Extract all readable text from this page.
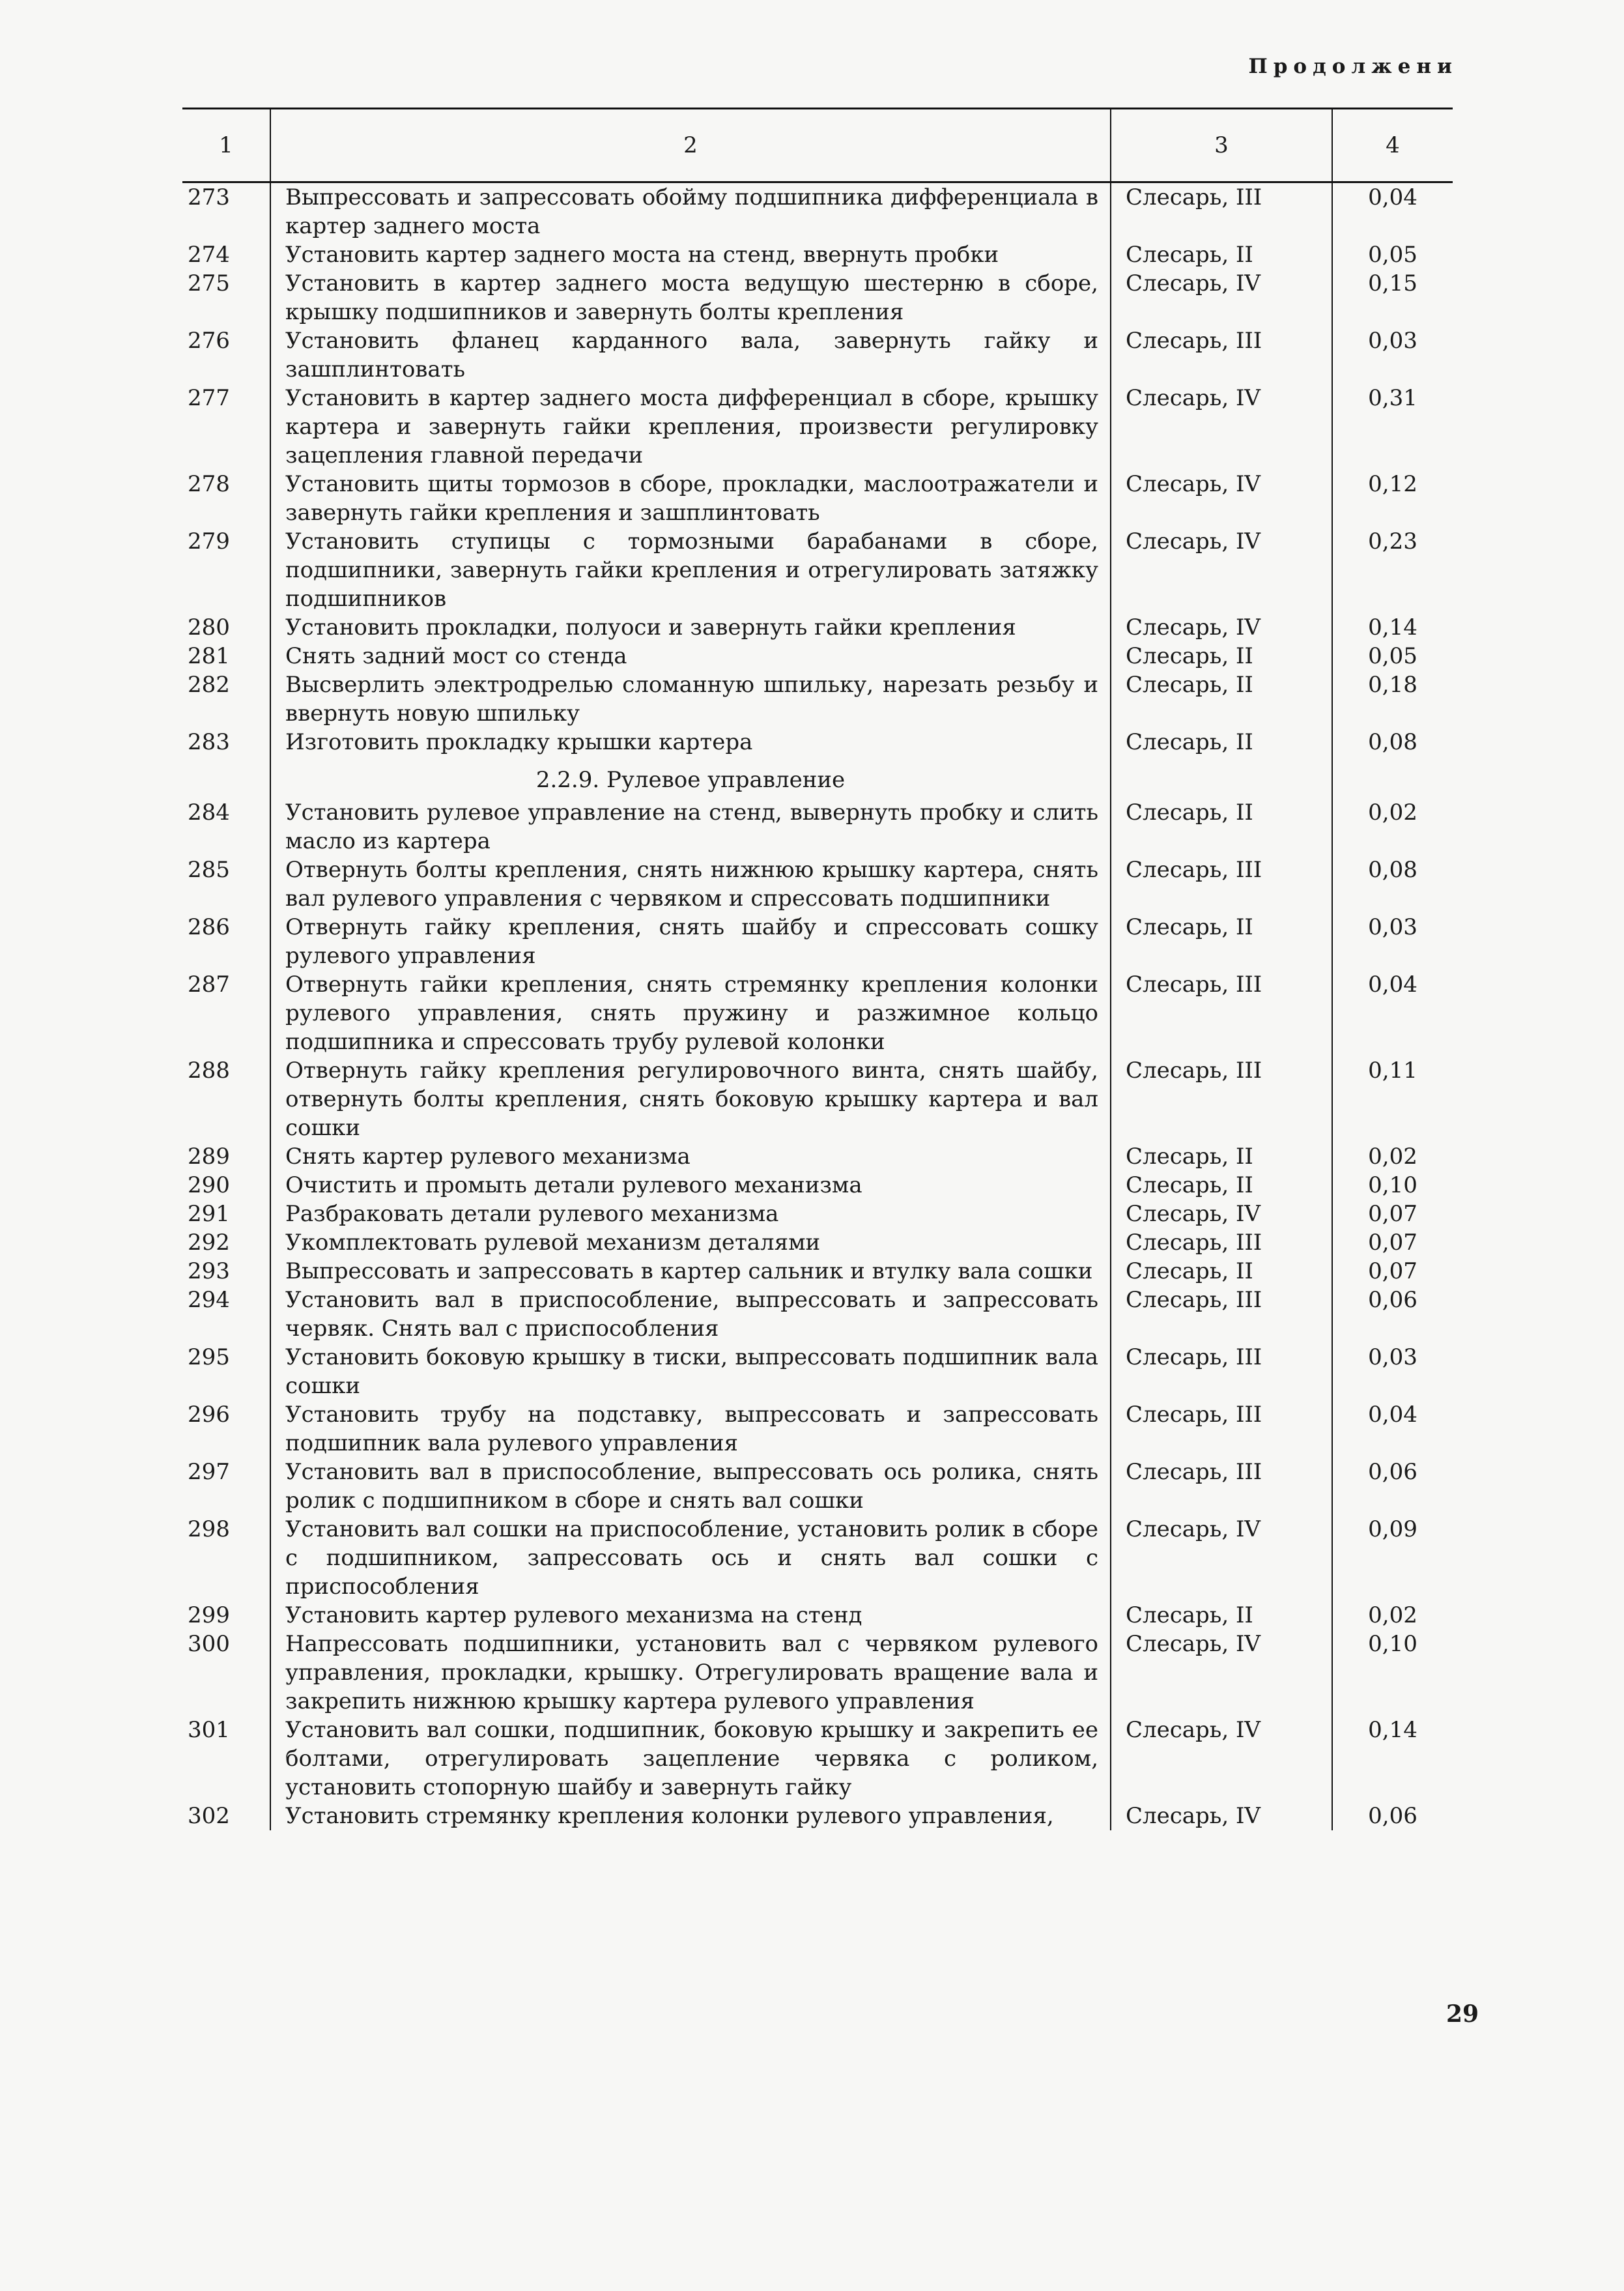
Продолжени
1	2	3	4
273	Выпрессовать и запрессовать обойму подшипника дифференциала в картер заднего моста	Слесарь, III	0,04
274	Установить картер заднего моста на стенд, ввернуть пробки	Слесарь, II	0,05
275	Установить в картер заднего моста ведущую шестерню в сборе, крышку подшипников и завернуть болты крепления	Слесарь, IV	0,15
276	Установить фланец карданного вала, завернуть гайку и зашплинтовать	Слесарь, III	0,03
277	Установить в картер заднего моста дифференциал в сборе, крышку картера и завернуть гайки крепления, произвести регулировку зацепления главной передачи	Слесарь, IV	0,31
278	Установить щиты тормозов в сборе, прокладки, маслоотражатели и завернуть гайки крепления и зашплинтовать	Слесарь, IV	0,12
279	Установить ступицы с тормозными барабанами в сборе, подшипники, завернуть гайки крепления и отрегулировать затяжку подшипников	Слесарь, IV	0,23
280	Установить прокладки, полуоси и завернуть гайки крепления	Слесарь, IV	0,14
281	Снять задний мост со стенда	Слесарь, II	0,05
282	Высверлить электродрелью сломанную шпильку, нарезать резьбу и ввернуть новую шпильку	Слесарь, II	0,18
283	Изготовить прокладку крышки картера	Слесарь, II	0,08
	2.2.9. Рулевое управление		
284	Установить рулевое управление на стенд, вывернуть пробку и слить масло из картера	Слесарь, II	0,02
285	Отвернуть болты крепления, снять нижнюю крышку картера, снять вал рулевого управления с червяком и спрессовать подшипники	Слесарь, III	0,08
286	Отвернуть гайку крепления, снять шайбу и спрессовать сошку рулевого управления	Слесарь, II	0,03
287	Отвернуть гайки крепления, снять стремянку крепления колонки рулевого управления, снять пружину и разжимное кольцо подшипника и спрессовать трубу рулевой колонки	Слесарь, III	0,04
288	Отвернуть гайку крепления регулировочного винта, снять шайбу, отвернуть болты крепления, снять боковую крышку картера и вал сошки	Слесарь, III	0,11
289	Снять картер рулевого механизма	Слесарь, II	0,02
290	Очистить и промыть детали рулевого механизма	Слесарь, II	0,10
291	Разбраковать детали рулевого механизма	Слесарь, IV	0,07
292	Укомплектовать рулевой механизм деталями	Слесарь, III	0,07
293	Выпрессовать и запрессовать в картер сальник и втулку вала сошки	Слесарь, II	0,07
294	Установить вал в приспособление, выпрессовать и запрессовать червяк. Снять вал с приспособления	Слесарь, III	0,06
295	Установить боковую крышку в тиски, выпрессовать подшипник вала сошки	Слесарь, III	0,03
296	Установить трубу на подставку, выпрессовать и запрессовать подшипник вала рулевого управления	Слесарь, III	0,04
297	Установить вал в приспособление, выпрессовать ось ролика, снять ролик с подшипником в сборе и снять вал сошки	Слесарь, III	0,06
298	Установить вал сошки на приспособление, установить ролик в сборе с подшипником, запрессовать ось и снять вал сошки с приспособления	Слесарь, IV	0,09
299	Установить картер рулевого механизма на стенд	Слесарь, II	0,02
300	Напрессовать подшипники, установить вал с червяком рулевого управления, прокладки, крышку. Отрегулировать вращение вала и закрепить нижнюю крышку картера рулевого управления	Слесарь, IV	0,10
301	Установить вал сошки, подшипник, боковую крышку и закрепить ее болтами, отрегулировать зацепление червяка с роликом, установить стопорную шайбу и завернуть гайку	Слесарь, IV	0,14
302	Установить стремянку крепления колонки рулевого управления,	Слесарь, IV	0,06
29
